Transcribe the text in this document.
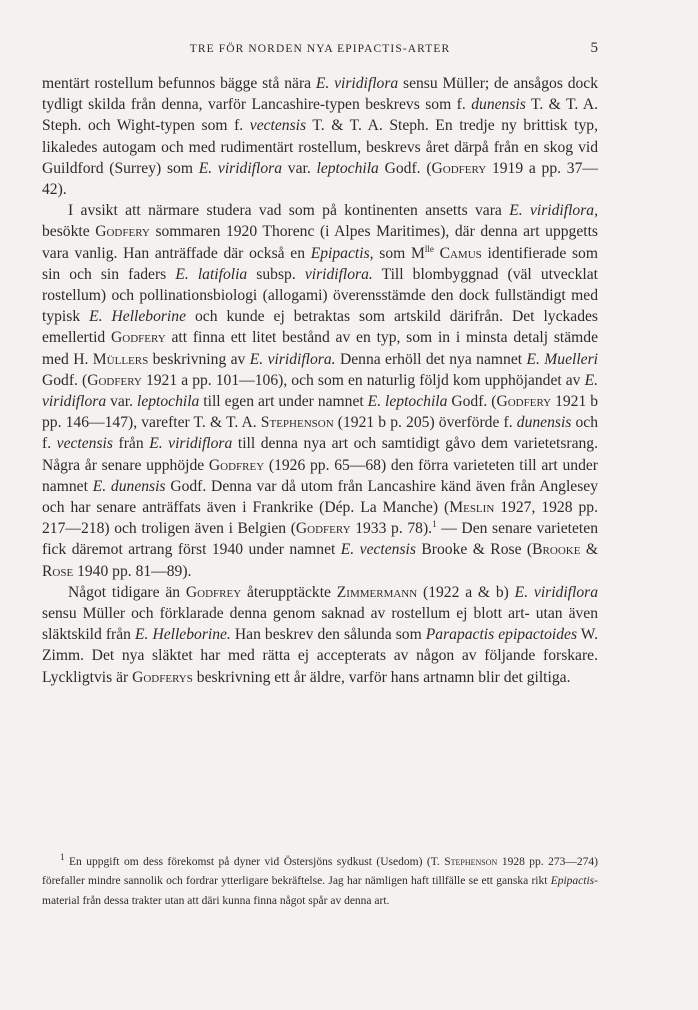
TRE FÖR NORDEN NYA EPIPACTIS-ARTER	5

mentärt rostellum befunnos bägge stå nära E. viridiflora sensu Müller; de ansågos dock tydligt skilda från denna, varför Lancashire-typen beskrevs som f. dunensis T. & T. A. Steph. och Wight-typen som f. vectensis T. & T. A. Steph. En tredje ny brittisk typ, likaledes autogam och med rudimentärt rostellum, beskrevs året därpå från en skog vid Guildford (Surrey) som E. viridiflora var. leptochila Godf. (Godfery 1919 a pp. 37—42).

I avsikt att närmare studera vad som på kontinenten ansetts vara E. viridiflora, besökte Godfery sommaren 1920 Thorenc (i Alpes Maritimes), där denna art uppgetts vara vanlig. Han anträffade där också en Epipactis, som $M^{lle}$ Camus identifierade som sin och sin faders E. latifolia subsp. viridiflora. Till blombyggnad (väl utvecklat rostellum) och pollinationsbiologi (allogami) överensstämde den dock fullständigt med typisk E. Helleborine och kunde ej betraktas som artskild därifrån. Det lyckades emellertid Godfery att finna ett litet bestånd av en typ, som in i minsta detalj stämde med H. Müllers beskrivning av E. viridiflora. Denna erhöll det nya namnet E. Muelleri Godf. (Godfery 1921 a pp. 101—106), och som en naturlig följd kom upphöjandet av E. viridiflora var. leptochila till egen art under namnet E. leptochila Godf. (Godfery 1921 b pp. 146—147), varefter T. & T. A. Stephenson (1921 b p. 205) överförde f. dunensis och f. vectensis från E. viridiflora till denna nya art och samtidigt gåvo dem varietetsrang. Några år senare upphöjde Godfrey (1926 pp. 65—68) den förra varieteten till art under namnet E. dunensis Godf. Denna var då utom från Lancashire känd även från Anglesey och har senare anträffats även i Frankrike (Dép. La Manche) (Meslin 1927, 1928 pp. 217—218) och troligen även i Belgien (Godfery 1933 p. 78).$^1$ — Den senare varieteten fick däremot artrang först 1940 under namnet E. vectensis Brooke & Rose (Brooke & Rose 1940 pp. 81—89).

Något tidigare än Godfrey återupptäckte Zimmermann (1922 a & b) E. viridiflora sensu Müller och förklarade denna genom saknad av rostellum ej blott art- utan även släktskild från E. Helleborine. Han beskrev den sålunda som Parapactis epipactoides W. Zimm. Det nya släktet har med rätta ej accepterats av någon av följande forskare. Lyckligtvis är Godferys beskrivning ett år äldre, varför hans artnamn blir det giltiga.

$^1$ En uppgift om dess förekomst på dyner vid Östersjöns sydkust (Usedom) (T. Stephenson 1928 pp. 273—274) förefaller mindre sannolik och fordrar ytterligare bekräftelse. Jag har nämligen haft tillfälle se ett ganska rikt Epipactis-material från dessa trakter utan att däri kunna finna något spår av denna art.
